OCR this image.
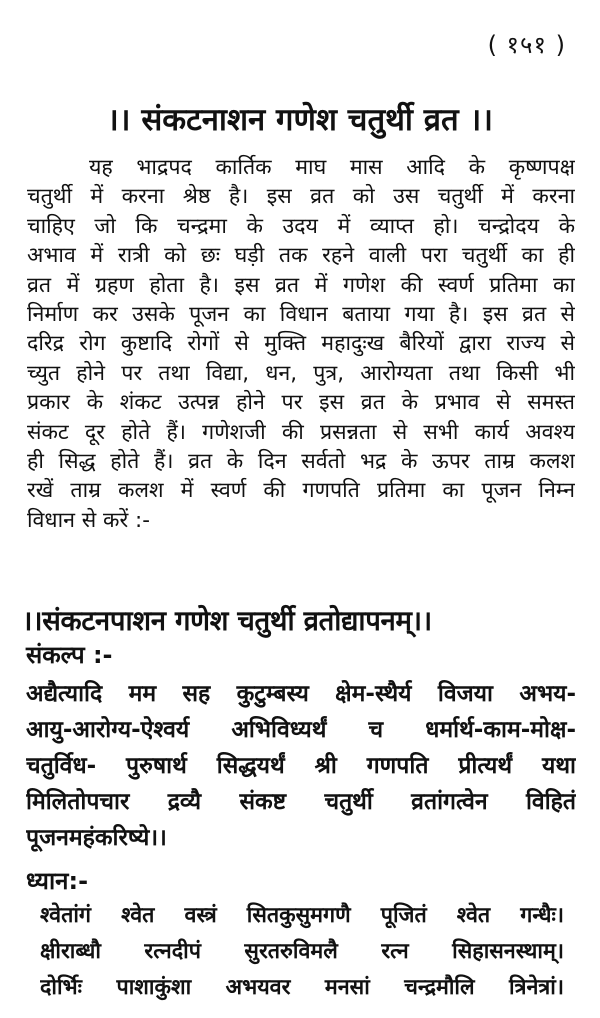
( १५१ )
।। संकटनाशन गणेश चतुर्थी व्रत ।।
यह भाद्रपद कार्तिक माघ मास आदि के कृष्णपक्ष
चतुर्थी में करना श्रेष्ठ है। इस व्रत को उस चतुर्थी में करना
चाहिए जो कि चन्द्रमा के उदय में व्याप्त हो। चन्द्रोदय के
अभाव में रात्री को छः घड़ी तक रहने वाली परा चतुर्थी का ही
व्रत में ग्रहण होता है। इस व्रत में गणेश की स्वर्ण प्रतिमा का
निर्माण कर उसके पूजन का विधान बताया गया है। इस व्रत से
दरिद्र रोग कुष्टादि रोगों से मुक्ति महादुःख बैरियों द्वारा राज्य से
च्युत होने पर तथा विद्या, धन, पुत्र, आरोग्यता तथा किसी भी
प्रकार के शंकट उत्पन्न होने पर इस व्रत के प्रभाव से समस्त
संकट दूर होते हैं। गणेशजी की प्रसन्नता से सभी कार्य अवश्य
ही सिद्ध होते हैं। व्रत के दिन सर्वतो भद्र के ऊपर ताम्र कलश
रखें ताम्र कलश में स्वर्ण की गणपति प्रतिमा का पूजन निम्न
विधान से करें :-
।।संकटनपाशन गणेश चतुर्थी व्रतोद्यापनम्।।
संकल्प :-
अद्यैत्यादि मम सह कुटुम्बस्य क्षेम-स्थैर्य विजया अभय-
आयु-आरोग्य-ऐश्वर्य अभिविध्यर्थं च धर्मार्थ-काम-मोक्ष-
चतुर्विध- पुरुषार्थ सिद्धयर्थं श्री गणपति प्रीत्यर्थं यथा
मिलितोपचार द्रव्यै संकष्ट चतुर्थी व्रतांगत्वेन विहितं
पूजनमहंकरिष्ये।।
ध्यान:-
श्वेतांगं श्वेत वस्त्रं सितकुसुमगणै पूजितं श्वेत गन्धैः।
क्षीराब्धौ रत्नदीपं सुरतरुविमलै रत्न सिहासनस्थाम्।
दोर्भिः पाशाकुंशा अभयवर मनसां चन्द्रमौलि त्रिनेत्रां।
